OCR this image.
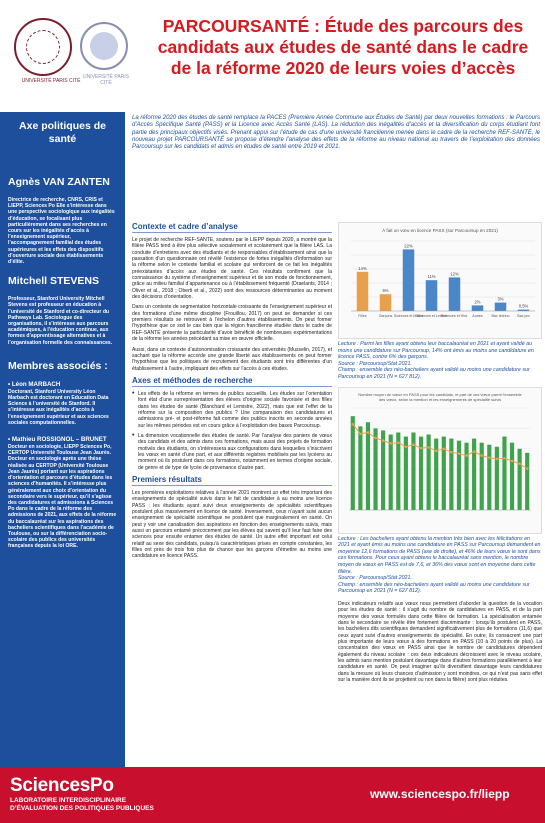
UNIVERSITÉ PARIS CITÉ
UNIVERSITÉ PARIS CITÉ
PARCOURSANTÉ : Étude des parcours des candidats aux études de santé dans le cadre de la réforme 2020 de leurs voies d’accès
Axe politiques de santé
Agnès VAN ZANTEN
Directrice de recherche, CNRS, CRIS et LIEPP, Sciences Po Elle s’intéresse dans une perspective sociologique aux inégalités d’éducation, se focalisant plus particulièrement dans ses recherches en cours sur les inégalités d’accès à l’enseignement supérieur, l’accompagnement familial des études supérieures et les effets des dispositifs d’ouverture sociale des établissements d’élite.
Mitchell STEVENS
Professeur, Stanford University Mitchell Stevens est professeur en éducation à l’université de Stanford et co-directeur du Pathways Lab. Sociologue des organisations, il s’intéresse aux parcours académiques, à l’éducation continue, aux formes d’apprentissage alternatives et à l’organisation formelle des connaissances.
Membres associés :
• Léon MARBACH
Doctorant, Stanford University Léon Marbach est doctorant en Education Data Science à l’université de Stanford. Il s’intéresse aux inégalités d’accès à l’enseignement supérieur et aux sciences sociales computationnelles.
• Mathieu ROSSIGNOL – BRUNET
Docteur en sociologie, LIEPP Sciences Po, CERTOP Université Toulouse Jean Jaurès. Docteur en sociologie après une thèse réalisée au CERTOP (Université Toulouse Jean Jaurès) portant sur les aspirations d’orientation et parcours d’études dans les sciences d’humanités. Il s’intéresse plus généralement aux choix d’orientation du secondaire vers le supérieur, qu’il s’agisse des candidatures et admissions à Sciences Po dans le cadre de la réforme des admissions de 2021, aux effets de la réforme du baccalauréat sur les aspirations des bacheliers scientifiques dans l’académie de Toulouse, ou sur la différenciation socio-scolaire des publics des universités françaises depuis la loi ORE.
La réforme 2020 des études de santé remplace la PACES (Première Année Commune aux Études de Santé) par deux nouvelles formations : le Parcours d’Accès Spécifique Santé (PASS) et la Licence avec Accès Santé (LAS). La réduction des inégalités d’accès et la diversification du corps étudiant font partie des principaux objectifs visés. Prenant appui sur l’étude de cas d’une université francilienne menée dans le cadre de la recherche REF-SANTE, le nouveau projet PARCOURSANTÉ se propose d’étendre l’analyse des effets de la réforme au niveau national au travers de l’exploitation des données Parcoursup sur les candidats et admis en études de santé entre 2019 et 2021.
Contexte et cadre d’analyse
Le projet de recherche REF-SANTE, soutenu par le LIEPP depuis 2020, a montré que la filière PASS tend à être plus sélective socialement et scolairement que la filière LAS. La conduite d’entretiens avec des étudiants et de responsables d’établissement ainsi que la passation d’un questionnaire ont révélé l’existence de fortes inégalités d’information sur la réforme selon le contexte familial et scolaire qui renforcent de ce fait les inégalités préexistantes d’accès aux études de santé. Ces résultats confirment que la connaissance du système d’enseignement supérieur et de son mode de fonctionnement, grâce au milieu familial d’appartenance ou à l’établissement fréquenté (Draelants, 2014 ; Oliver et al., 2018 ; Oberti et al., 2022) sont des ressources déterminantes au moment des décisions d’orientation.
Dans un contexte de segmentation horizontale croissante de l’enseignement supérieur et des formations d’une même discipline (Frouillou, 2017) on peut se demander si ces premiers résultats se retrouvent à l’échelon d’autres établissements. On peut former l’hypothèse que ce soit le cas bien que la région francilienne étudiée dans le cadre de REF-SANTÉ présente la particularité d’avoir bénéficié de nombreuses expérimentations de la réforme les années précédant sa mise en œuvre officielle.
Aussi, dans un contexte d’autonomisation croissante des universités (Musselin, 2017), et sachant que la réforme accorde une grande liberté aux établissements on peut former l’hypothèse que les politiques de recrutement des étudiants sont très différentes d’un établissement à l’autre, impliquant des effets sur l’accès à ces études.
Axes et méthodes de recherche
• Les effets de la réforme en termes de publics accueillis. Les études sur l’orientation font état d’une surreprésentation des élèves d’origine sociale favorisée et des filles dans les études de santé (Blanchard et Lemistre, 2022), mais que est l’effet de la réforme sur la composition des publics ? Une comparaison des candidatures et admissions pré- et post-réforme fait comme des publics inscrits en seconde années sur les mêmes périodes est en cours grâce à l’exploitation des bases Parcoursup.
• La dimension vocationnelle des études de santé. Par l’analyse des paniers de vœux des candidats et des admis dans ces formations, mais aussi des projets de formation motivés des étudiants, on s’intéressera aux configurations dans lesquelles s’inscrivent les vœux en santé d’une part, et aux différents registres mobilisés par les lycéens au moment où ils postulent dans ces formations, notamment en termes d’origine sociale, de genre et de type de lycée de provenance d’autre part.
Premiers résultats
Les premières exploitations relatives à l’année 2021 montrent un effet très important des enseignements de spécialité suivis dans le fait de candidater à au moins une licence PASS : les étudiants ayant suivi deux enseignements de spécialités scientifiques postulent plus massivement en licence de santé. Inversement, ceux n’ayant suivi aucun enseignement de spécialité scientifique ne postulent que marginalement en santé. On peut y voir une canalisation des aspirations en fonction des enseignements suivis, mais aussi un parcours entamé précocement par les élèves qui savent qu’il leur faut faire des sciences pour ensuite entamer des études de santé. Un autre effet important est celui relatif au sexe des candidats, puisqu’à caractéristiques prises en compte constantes, les filles ont près de trois fois plus de chance que les garçons d’émettre au moins une candidature en licence PASS.
À fait un vœu en licence PASS (sur Parcoursup en 2021)
14%
Filles
6%
Garçons
22%
Sciences et Maths
11%
Sciences et Lettres
12%
Sciences et Hist.
2%
Autres
3%
Bac techno
0,5%
Bac pro
Lecture : Parmi les filles ayant obtenu leur baccalauréat en 2021 et ayant validé au moins une candidature sur Parcoursup, 14% ont émis au moins une candidature en licence PASS, contre 6% des garçons.
Source : Parcoursup/Stat 2021.
Champ : ensemble des néo-bacheliers ayant validé au moins une candidature sur Parcoursup en 2021 (N = 627 812).
Nombre moyen de vœux en PASS pour les candidats, et part de ces vœux parmi l’ensemble
des vœux, selon la mention et les enseignements de spécialité suivis
Lecture : Les bacheliers ayant obtenu la mention très bien avec les félicitations en 2021 et ayant émis au moins une candidature en PASS sur Parcoursup demandent en moyenne 12,6 formations de PASS (axe de droite), et 46% de leurs vœux le sont dans ces formations. Pour ceux ayant obtenu le baccalauréat sans mention, le nombre moyen de vœux en PASS est de 7,6, et 36% des vœux sont en moyenne dans cette filière.
Source : Parcoursup/Stat 2021.
Champ : ensemble des néo-bacheliers ayant validé au moins une candidature sur Parcoursup en 2021 (N = 627 812).
Deux indicateurs relatifs aux vœux nous permettent d’aborder la question de la vocation pour les études de santé : il s’agit du nombre de candidatures en PASS, et de la part moyenne des vœux formulés dans cette filière de formation. La spécialisation entamée dans le secondaire se révèle être fortement discriminante : lorsqu’ils postulent en PASS, les bacheliers dits scientifiques demandent significativement plus de formations (11,6) que ceux ayant suivi d’autres enseignements de spécialité. En outre, ils consacrent une part plus importante de leurs vœux à des formations en PASS (10 à 20 points de plus). La concentration des vœux en PASS ainsi que le nombre de candidatures dépendent également du niveau scolaire : ces deux indicateurs décroissent avec le niveau scolaire, les admis sans mention postulant davantage dans d’autres formations parallèlement à leur candidature en santé. On peut imaginer qu’ils diversifient davantage leurs candidatures dans la mesure où leurs chances d’admission y sont moindres, ce qui n’est pas sans effet sur la manière dont ils se projettent ou non dans la filière) sont plus réduites.
SciencesPo
LABORATOIRE INTERDISCIPLINAIRE
D’ÉVALUATION DES POLITIQUES PUBLIQUES
www.sciencespo.fr/liepp
